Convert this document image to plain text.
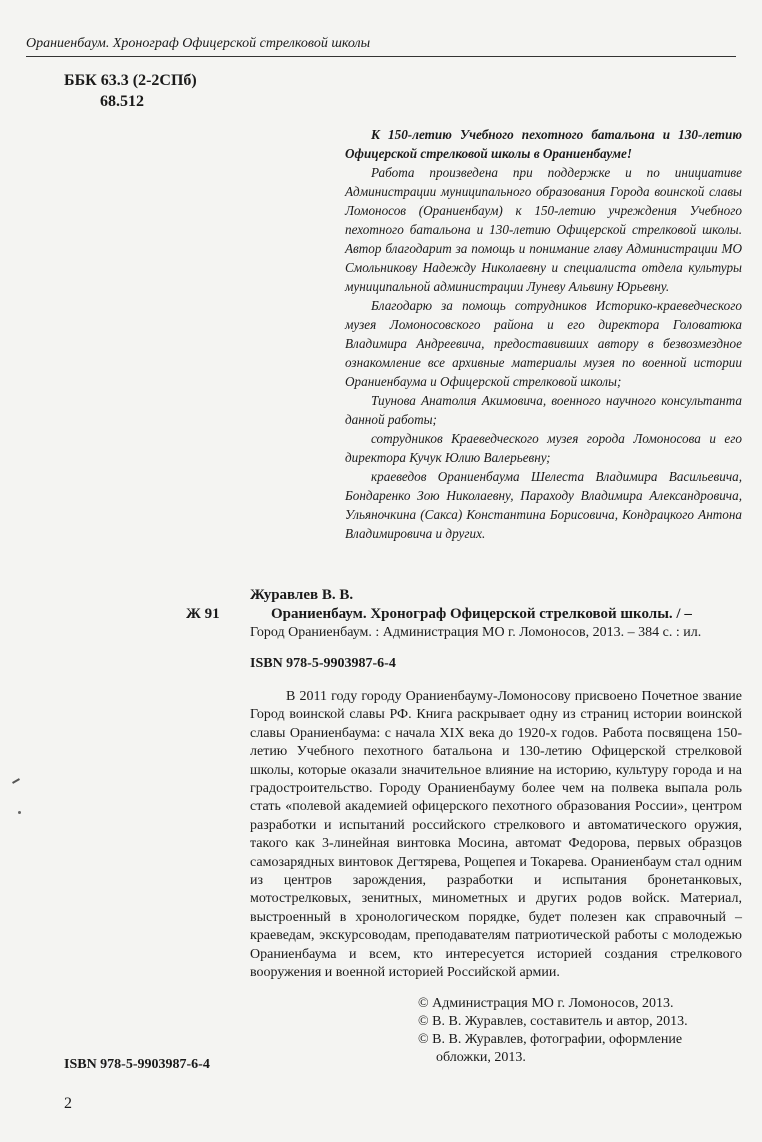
Ораниенбаум. Хронограф Офицерской стрелковой школы
ББК 63.3 (2-2СПб)
68.512

К 150-летию Учебного пехотного батальона и 130-летию Офицерской стрелковой школы в Ораниенбауме!

Работа произведена при поддержке и по инициативе Администрации муниципального образования Города воинской славы Ломоносов (Ораниенбаум) к 150-летию учреждения Учебного пехотного батальона и 130-летию Офицерской стрелковой школы. Автор благодарит за помощь и понимание главу Администрации МО Смольникову Надежду Николаевну и специалиста отдела культуры муниципальной администрации Луневу Альвину Юрьевну.

Благодарю за помощь сотрудников Историко-краеведческого музея Ломоносовского района и его директора Головатюка Владимира Андреевича, предоставивших автору в безвозмездное ознакомление все архивные материалы музея по военной истории Ораниенбаума и Офицерской стрелковой школы;

Тиунова Анатолия Акимовича, военного научного консультанта данной работы;

сотрудников Краеведческого музея города Ломоносова и его директора Кучук Юлию Валерьевну;

краеведов Ораниенбаума Шелеста Владимира Васильевича, Бондаренко Зою Николаевну, Параходу Владимира Александровича, Ульяночкина (Сакса) Константина Борисовича, Кондрацкого Антона Владимировича и других.

Журавлев В. В.
Ж 91	Ораниенбаум. Хронограф Офицерской стрелковой школы. / –
Город Ораниенбаум. : Администрация МО г. Ломоносов, 2013. – 384 с. : ил.
ISBN 978-5-9903987-6-4

В 2011 году городу Ораниенбауму-Ломоносову присвоено Почетное звание Город воинской славы РФ. Книга раскрывает одну из страниц истории воинской славы Ораниенбаума: с начала XIX века до 1920-х годов. Работа посвящена 150-летию Учебного пехотного батальона и 130-летию Офицерской стрелковой школы, которые оказали значительное влияние на историю, культуру города и на градостроительство. Городу Ораниенбауму более чем на полвека выпала роль стать «полевой академией офицерского пехотного образования России», центром разработки и испытаний российского стрелкового и автоматического оружия, такого как 3-линейная винтовка Мосина, автомат Федорова, первых образцов самозарядных винтовок Дегтярева, Рощепея и Токарева. Ораниенбаум стал одним из центров зарождения, разработки и испытания бронетанковых, мотострелковых, зенитных, минометных и других родов войск. Материал, выстроенный в хронологическом порядке, будет полезен как справочный – краеведам, экскурсоводам, преподавателям патриотической работы с молодежью Ораниенбаума и всем, кто интересуется историей создания стрелкового вооружения и военной историей Российской армии.

© Администрация МО г. Ломоносов, 2013.
© В. В. Журавлев, составитель и автор, 2013.
© В. В. Журавлев, фотографии, оформление
обложки, 2013.
ISBN 978-5-9903987-6-4
2
